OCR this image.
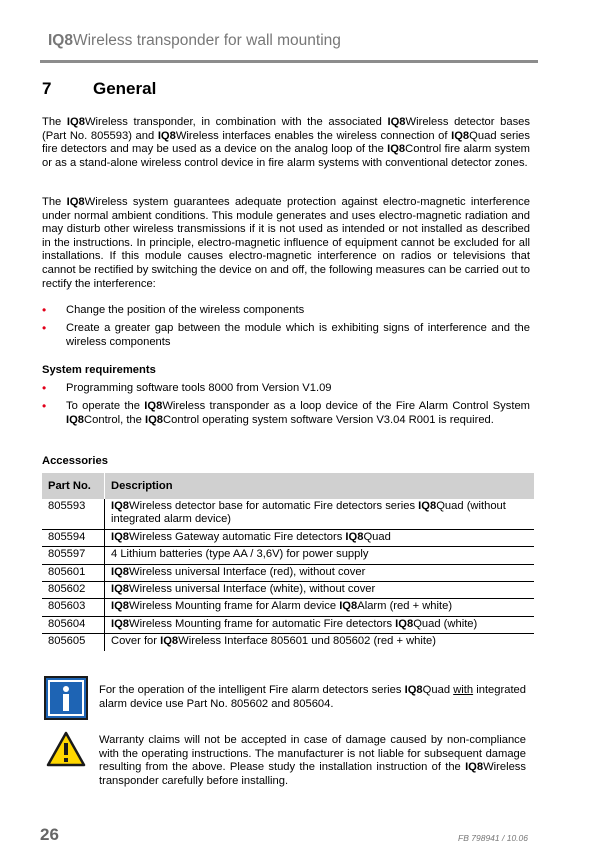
IQ8Wireless transponder for wall mounting
7 General
The IQ8Wireless transponder, in combination with the associated IQ8Wireless detector bases (Part No. 805593) and IQ8Wireless interfaces enables the wireless connection of IQ8Quad series fire detectors and may be used as a device on the analog loop of the IQ8Control fire alarm system or as a stand-alone wireless control device in fire alarm systems with conventional detector zones.
The IQ8Wireless system guarantees adequate protection against electro-magnetic interference under normal ambient conditions. This module generates and uses electro-magnetic radiation and may disturb other wireless transmissions if it is not used as intended or not installed as described in the instructions. In principle, electro-magnetic influence of equipment cannot be excluded for all installations. If this module causes electro-magnetic interference on radios or televisions that cannot be rectified by switching the device on and off, the following measures can be carried out to rectify the interference:
• Change the position of the wireless components
• Create a greater gap between the module which is exhibiting signs of interference and the wireless components
System requirements
• Programming software tools 8000 from Version V1.09
• To operate the IQ8Wireless transponder as a loop device of the Fire Alarm Control System IQ8Control, the IQ8Control operating system software Version V3.04 R001 is required.
Accessories
Part No.	Description
805593	IQ8Wireless detector base for automatic Fire detectors series IQ8Quad (without integrated alarm device)
805594	IQ8Wireless Gateway automatic Fire detectors IQ8Quad
805597	4 Lithium batteries (type AA / 3,6V) for power supply
805601	IQ8Wireless universal Interface (red), without cover
805602	IQ8Wireless universal Interface (white), without cover
805603	IQ8Wireless Mounting frame for Alarm device IQ8Alarm (red + white)
805604	IQ8Wireless Mounting frame for automatic Fire detectors IQ8Quad (white)
805605	Cover for IQ8Wireless Interface 805601 und 805602 (red + white)
For the operation of the intelligent Fire alarm detectors series IQ8Quad with integrated alarm device use Part No. 805602 and 805604.
Warranty claims will not be accepted in case of damage caused by non-compliance with the operating instructions. The manufacturer is not liable for subsequent damage resulting from the above. Please study the installation instruction of the IQ8Wireless transponder carefully before installing.
26	FB 798941 / 10.06
